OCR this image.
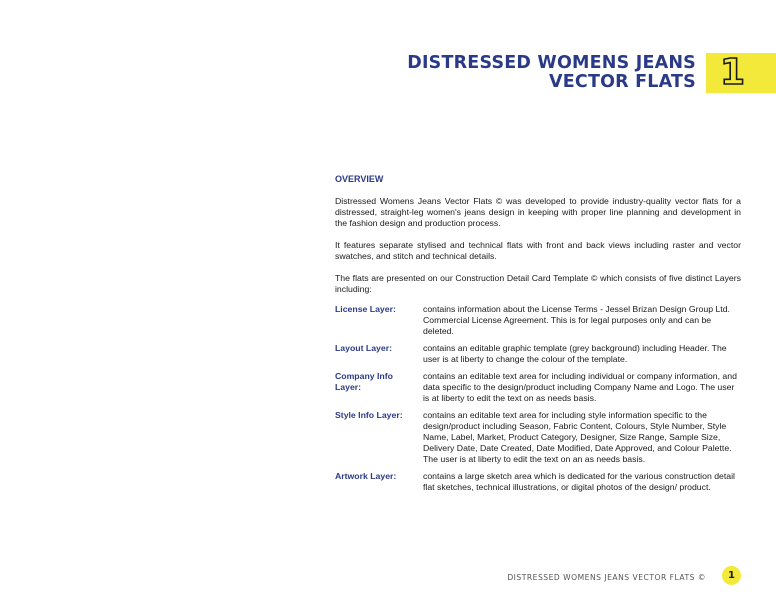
DISTRESSED WOMENS JEANS
VECTOR FLATS 1
OVERVIEW

Distressed Womens Jeans Vector Flats © was developed to provide industry-quality vector flats for a distressed, straight-leg women's jeans design in keeping with proper line planning and development in the fashion design and production process.

It features separate stylised and technical flats with front and back views including raster and vector swatches, and stitch and technical details.

The flats are presented on our Construction Detail Card Template © which consists of five distinct Layers including:

License Layer:	contains information about the License Terms - Jessel Brizan Design Group Ltd. Commercial License Agreement. This is for legal purposes only and can be deleted.
Layout Layer:	contains an editable graphic template (grey background) including Header. The user is at liberty to change the colour of the template.
Company Info Layer:
contains an editable text area for including individual or company information, and data specific to the design/product including Company Name and Logo. The user is at liberty to edit the text on as needs basis.
Style Info Layer:	contains an editable text area for including style information specific to the design/product including Season, Fabric Content, Colours, Style Number, Style Name, Label, Market, Product Category, Designer, Size Range, Sample Size, Delivery Date, Date Created, Date Modified, Date Approved, and Colour Palette. The user is at liberty to edit the text on an as needs basis.
Artwork Layer:	contains a large sketch area which is dedicated for the various construction detail flat sketches, technical illustrations, or digital photos of the design/ product.
DISTRESSED WOMENS JEANS VECTOR FLATS ©	1
